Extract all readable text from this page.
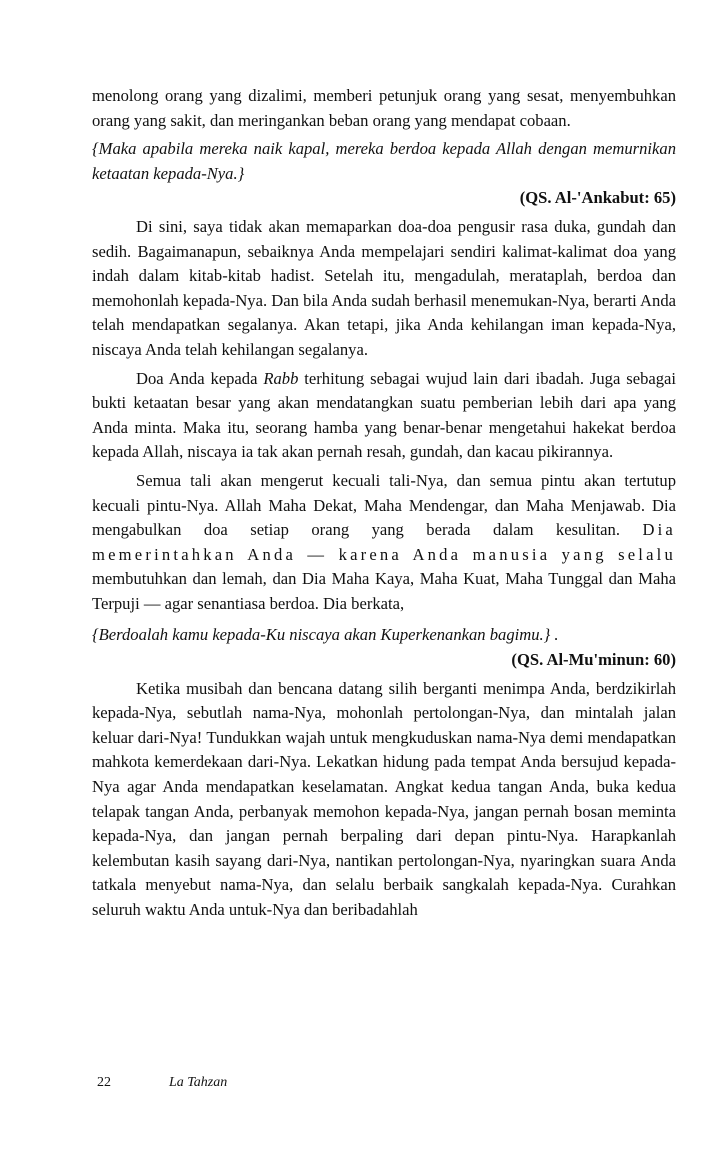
menolong orang yang dizalimi, memberi petunjuk orang yang sesat, menyembuhkan orang yang sakit, dan meringankan beban orang yang mendapat cobaan.

{Maka apabila mereka naik kapal, mereka berdoa kepada Allah dengan memurnikan ketaatan kepada-Nya.}

(QS. Al-'Ankabut: 65)

Di sini, saya tidak akan memaparkan doa-doa pengusir rasa duka, gundah dan sedih. Bagaimanapun, sebaiknya Anda mempelajari sendiri kalimat-kalimat doa yang indah dalam kitab-kitab hadist. Setelah itu, mengadulah, merataplah, berdoa dan memohonlah kepada-Nya. Dan bila Anda sudah berhasil menemukan-Nya, berarti Anda telah mendapatkan segalanya. Akan tetapi, jika Anda kehilangan iman kepada-Nya, niscaya Anda telah kehilangan segalanya.

Doa Anda kepada Rabb terhitung sebagai wujud lain dari ibadah. Juga sebagai bukti ketaatan besar yang akan mendatangkan suatu pemberian lebih dari apa yang Anda minta. Maka itu, seorang hamba yang benar-benar mengetahui hakekat berdoa kepada Allah, niscaya ia tak akan pernah resah, gundah, dan kacau pikirannya.

Semua tali akan mengerut kecuali tali-Nya, dan semua pintu akan tertutup kecuali pintu-Nya. Allah Maha Dekat, Maha Mendengar, dan Maha Menjawab. Dia mengabulkan doa setiap orang yang berada dalam kesulitan. Dia memerintahkan Anda — karena Anda manusia yang selalu membutuhkan dan lemah, dan Dia Maha Kaya, Maha Kuat, Maha Tunggal dan Maha Terpuji — agar senantiasa berdoa. Dia berkata,

{Berdoalah kamu kepada-Ku niscaya akan Kuperkenankan bagimu.} .

(QS. Al-Mu'minun: 60)

Ketika musibah dan bencana datang silih berganti menimpa Anda, berdzikirlah kepada-Nya, sebutlah nama-Nya, mohonlah pertolongan-Nya, dan mintalah jalan keluar dari-Nya! Tundukkan wajah untuk mengkuduskan nama-Nya demi mendapatkan mahkota kemerdekaan dari-Nya. Lekatkan hidung pada tempat Anda bersujud kepada-Nya agar Anda mendapatkan keselamatan. Angkat kedua tangan Anda, buka kedua telapak tangan Anda, perbanyak memohon kepada-Nya, jangan pernah bosan meminta kepada-Nya, dan jangan pernah berpaling dari depan pintu-Nya. Harapkanlah kelembutan kasih sayang dari-Nya, nantikan pertolongan-Nya, nyaringkan suara Anda tatkala menyebut nama-Nya, dan selalu berbaik sangkalah kepada-Nya. Curahkan seluruh waktu Anda untuk-Nya dan beribadahlah

22	La Tahzan
